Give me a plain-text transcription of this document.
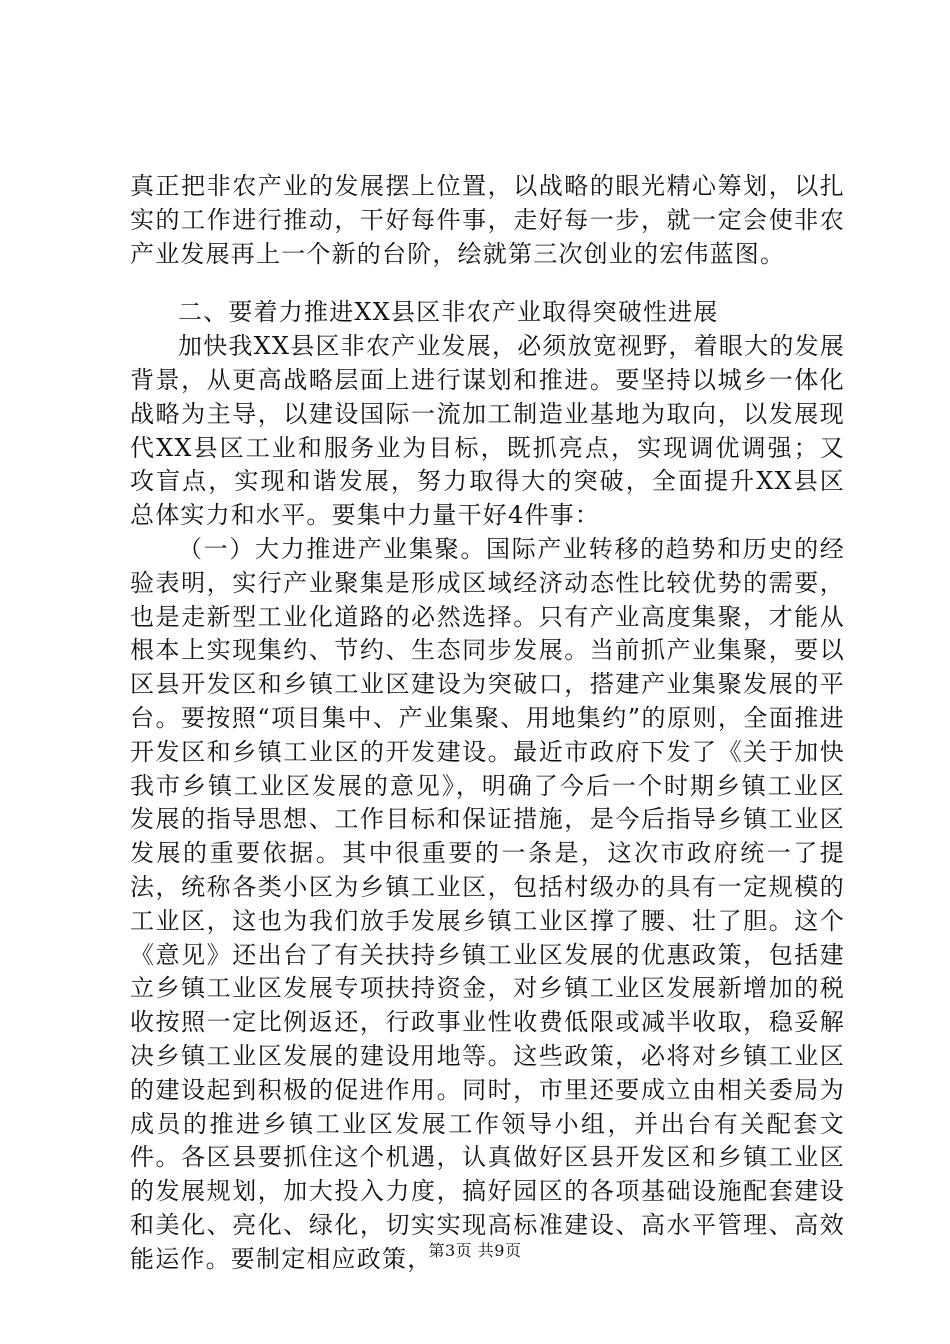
真正把非农产业的发展摆上位置，以战略的眼光精心筹划，以扎实的工作进行推动，干好每件事，走好每一步，就一定会使非农产业发展再上一个新的台阶，绘就第三次创业的宏伟蓝图。

二、要着力推进XX县区非农产业取得突破性进展

加快我XX县区非农产业发展，必须放宽视野，着眼大的发展背景，从更高战略层面上进行谋划和推进。要坚持以城乡一体化战略为主导，以建设国际一流加工制造业基地为取向，以发展现代XX县区工业和服务业为目标，既抓亮点，实现调优调强；又攻盲点，实现和谐发展，努力取得大的突破，全面提升XX县区总体实力和水平。要集中力量干好4件事：

（一）大力推进产业集聚。国际产业转移的趋势和历史的经验表明，实行产业聚集是形成区域经济动态性比较优势的需要，也是走新型工业化道路的必然选择。只有产业高度集聚，才能从根本上实现集约、节约、生态同步发展。当前抓产业集聚，要以区县开发区和乡镇工业区建设为突破口，搭建产业集聚发展的平台。要按照“项目集中、产业集聚、用地集约”的原则，全面推进开发区和乡镇工业区的开发建设。最近市政府下发了《关于加快我市乡镇工业区发展的意见》，明确了今后一个时期乡镇工业区发展的指导思想、工作目标和保证措施，是今后指导乡镇工业区发展的重要依据。其中很重要的一条是，这次市政府统一了提法，统称各类小区为乡镇工业区，包括村级办的具有一定规模的工业区，这也为我们放手发展乡镇工业区撑了腰、壮了胆。这个《意见》还出台了有关扶持乡镇工业区发展的优惠政策，包括建立乡镇工业区发展专项扶持资金，对乡镇工业区发展新增加的税收按照一定比例返还，行政事业性收费低限或减半收取，稳妥解决乡镇工业区发展的建设用地等。这些政策，必将对乡镇工业区的建设起到积极的促进作用。同时，市里还要成立由相关委局为成员的推进乡镇工业区发展工作领导小组，并出台有关配套文件。各区县要抓住这个机遇，认真做好区县开发区和乡镇工业区的发展规划，加大投入力度，搞好园区的各项基础设施配套建设和美化、亮化、绿化，切实实现高标准建设、高水平管理、高效能运作。要制定相应政策，

第3页 共9页
